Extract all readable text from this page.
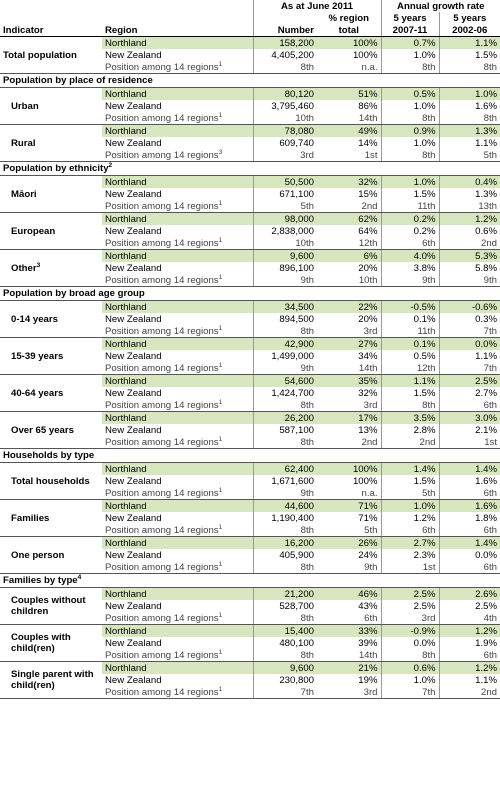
		As at June 2011		Annual growth rate	
			% region	5 years	5 years
Indicator	Region	Number	total	2007-11	2002-06
Total population	Northland	158,200	100%	0.7%	1.1%
	New Zealand	4,405,200	100%	1.0%	1.5%
	Position among 14 regions$^1$	8th	n.a.	8th	8th
Population by place of residence					
Urban	Northland	80,120	51%	0.5%	1.0%
	New Zealand	3,795,460	86%	1.0%	1.6%
	Position among 14 regions$^1$	10th	14th	8th	8th
Rural	Northland	78,080	49%	0.9%	1.3%
	New Zealand	609,740	14%	1.0%	1.1%
	Position among 14 regions$^3$	3rd	1st	8th	5th
Population by ethnicity$^2$
Māori	Northland	50,500	32%	1.0%	0.4%
	New Zealand	671,100	15%	1.5%	1.3%
	Position among 14 regions$^1$	5th	2nd	11th	13th
European	Northland	98,000	62%	0.2%	1.2%
	New Zealand	2,838,000	64%	0.2%	0.6%
	Position among 14 regions$^1$	10th	12th	6th	2nd
Other$^3$	Northland	9,600	6%	4.0%	5.3%
	New Zealand	896,100	20%	3.8%	5.8%
	Position among 14 regions$^1$	9th	10th	9th	9th
Population by broad age group					
0-14 years	Northland	34,500	22%	-0.5%	-0.6%
	New Zealand	894,500	20%	0.1%	0.3%
	Position among 14 regions$^1$	8th	3rd	11th	7th
15-39 years	Northland	42,900	27%	0.1%	0.0%
	New Zealand	1,499,000	34%	0.5%	1.1%
	Position among 14 regions$^1$	9th	14th	12th	7th
40-64 years	Northland	54,600	35%	1.1%	2.5%
	New Zealand	1,424,700	32%	1.5%	2.7%
	Position among 14 regions$^1$	8th	3rd	8th	6th
Over 65 years	Northland	26,200	17%	3.5%	3.0%
	New Zealand	587,100	13%	2.8%	2.1%
	Position among 14 regions$^1$	8th	2nd	2nd	1st
Households by type					
Total households	Northland	62,400	100%	1.4%	1.4%
	New Zealand	1,671,600	100%	1.5%	1.6%
	Position among 14 regions$^1$	9th	n.a.	5th	6th
Families	Northland	44,600	71%	1.0%	1.6%
	New Zealand	1,190,400	71%	1.2%	1.8%
	Position among 14 regions$^1$	8th	5th	6th	6th
One person	Northland	16,200	26%	2.7%	1.4%
	New Zealand	405,900	24%	2.3%	0.0%
	Position among 14 regions$^1$	8th	9th	1st	6th
Families by type$^4$
Couples without children	Northland	21,200	46%	2.5%	2.6%
	New Zealand	528,700	43%	2.5%	2.5%
	Position among 14 regions$^1$	8th	6th	3rd	4th
Couples with child(ren)	Northland	15,400	33%	-0.9%	1.2%
	New Zealand	480,100	39%	0.0%	1.9%
	Position among 14 regions$^1$	8th	14th	8th	6th
Single parent with child(ren)	Northland	9,600	21%	0.6%	1.2%
	New Zealand	230,800	19%	1.0%	1.1%
	Position among 14 regions$^1$	7th	3rd	7th	2nd
